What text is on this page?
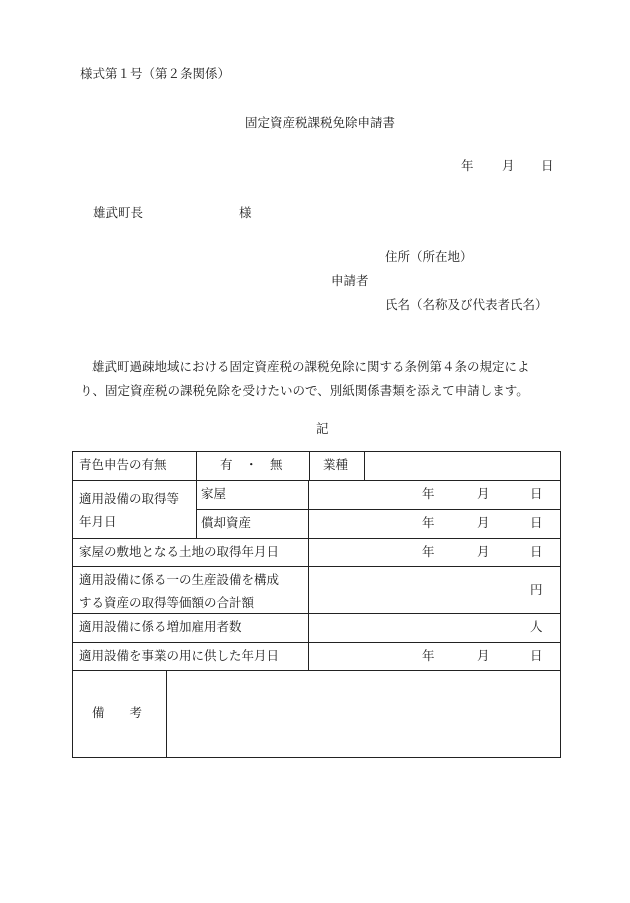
様式第１号（第２条関係）
固定資産税課税免除申請書
年 月 日
雄武町長	様
住所（所在地）
申請者
氏名（名称及び代表者氏名）
雄武町過疎地域における固定資産税の課税免除に関する条例第４条の規定によ
り、固定資産税の課税免除を受けたいので、別紙関係書類を添えて申請します。
記
青色申告の有無	有　・　無	業種
適用設備の取得等
年月日
家屋	年	月	日
償却資産	年	月	日
家屋の敷地となる土地の取得年月日	年	月	日
適用設備に係る一の生産設備を構成
する資産の取得等価額の合計額
円
適用設備に係る増加雇用者数	人
適用設備を事業の用に供した年月日	年	月	日
備　　考
